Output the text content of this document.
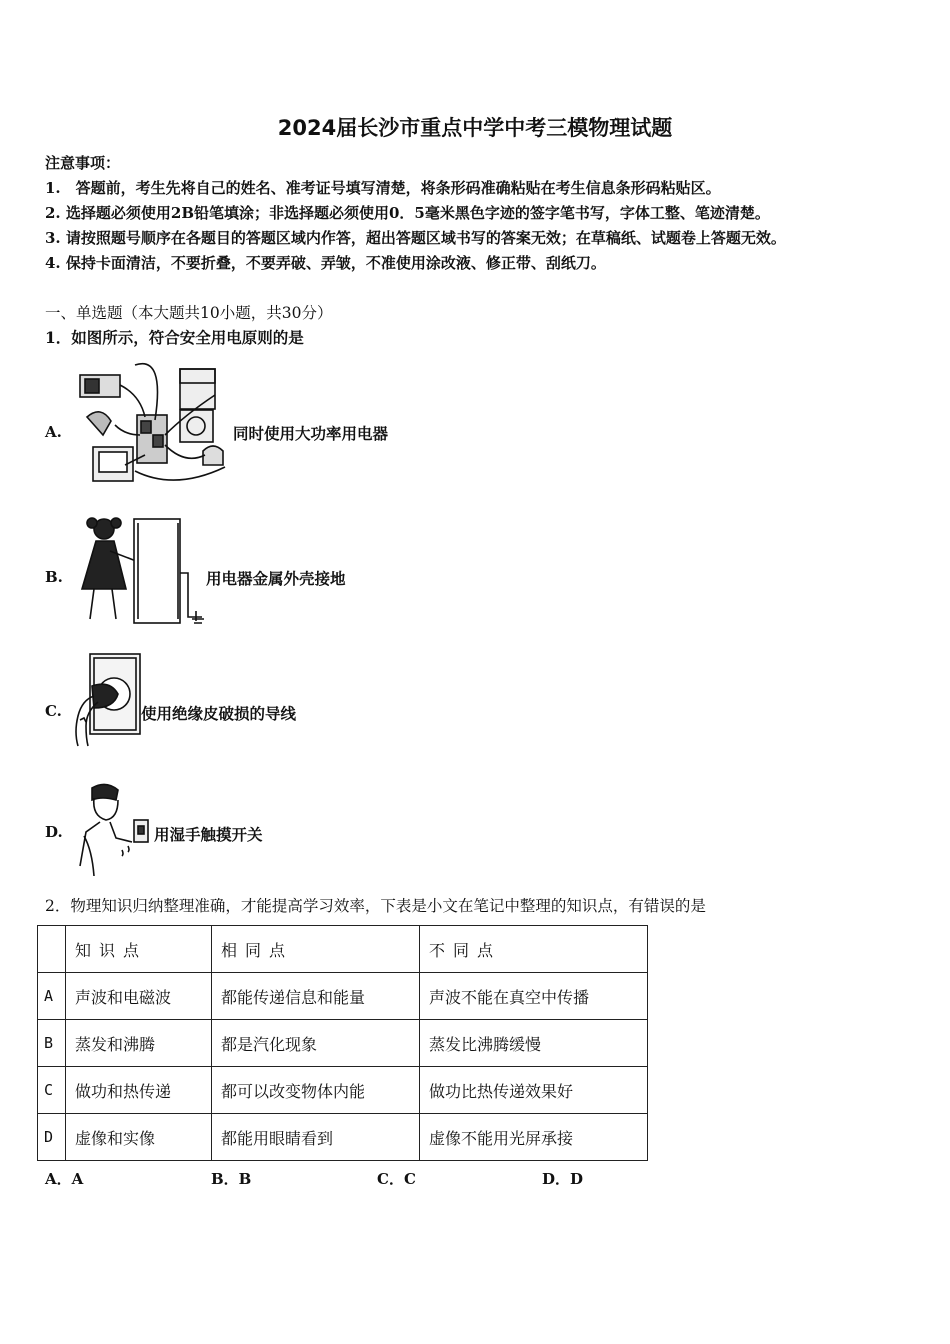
2024届长沙市重点中学中考三模物理试题
注意事项：
1.　答题前，考生先将自己的姓名、准考证号填写清楚，将条形码准确粘贴在考生信息条形码粘贴区。
2. 选择题必须使用2B铅笔填涂；非选择题必须使用0．5毫米黑色字迹的签字笔书写，字体工整、笔迹清楚。
3. 请按照题号顺序在各题目的答题区域内作答，超出答题区域书写的答案无效；在草稿纸、试题卷上答题无效。
4. 保持卡面清洁，不要折叠，不要弄破、弄皱，不准使用涂改液、修正带、刮纸刀。
一、单选题（本大题共10小题，共30分）
1．如图所示，符合安全用电原则的是
A.	同时使用大功率用电器
B.	用电器金属外壳接地
C.	使用绝缘皮破损的导线
D.	用湿手触摸开关
2．物理知识归纳整理准确，才能提高学习效率，下表是小文在笔记中整理的知识点，有错误的是
	知识点	相同点	不同点
A	声波和电磁波	都能传递信息和能量	声波不能在真空中传播
B	蒸发和沸腾	都是汽化现象	蒸发比沸腾缓慢
C	做功和热传递	都可以改变物体内能	做功比热传递效果好
D	虚像和实像	都能用眼睛看到	虚像不能用光屏承接
A．A	B．B	C．C	D．D
